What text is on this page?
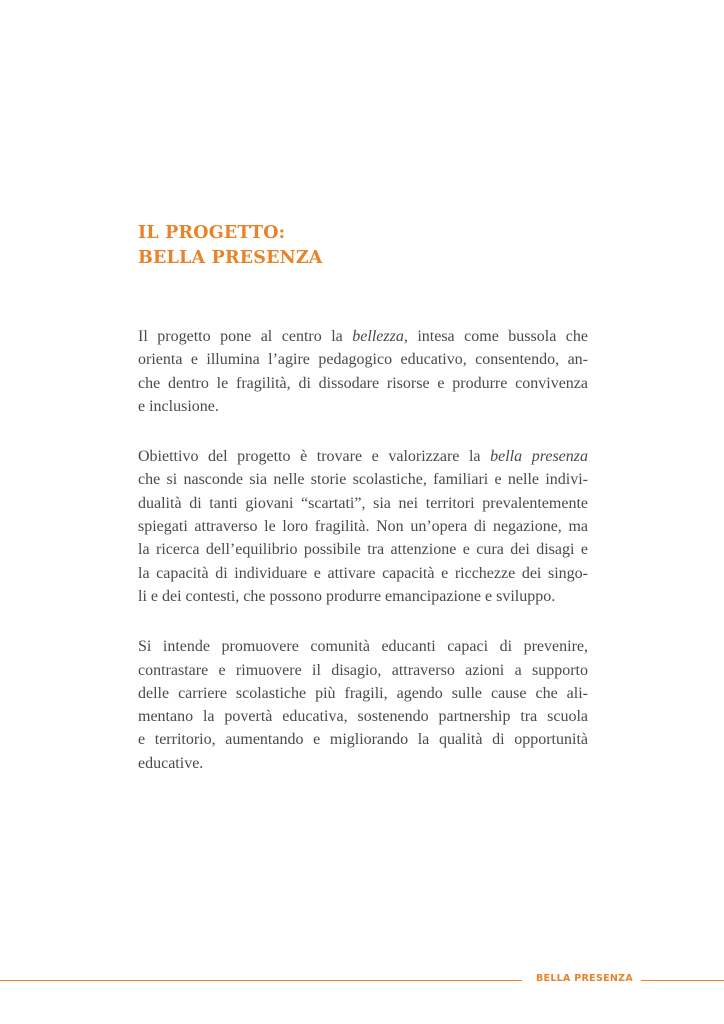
IL PROGETTO:
BELLA PRESENZA

Il progetto pone al centro la bellezza, intesa come bussola che
orienta e illumina l’agire pedagogico educativo, consentendo, an-
che dentro le fragilità, di dissodare risorse e produrre convivenza
e inclusione.

Obiettivo del progetto è trovare e valorizzare la bella presenza
che si nasconde sia nelle storie scolastiche, familiari e nelle indivi-
dualità di tanti giovani “scartati”, sia nei territori prevalentemente
spiegati attraverso le loro fragilità. Non un’opera di negazione, ma
la ricerca dell’equilibrio possibile tra attenzione e cura dei disagi e
la capacità di individuare e attivare capacità e ricchezze dei singo-
li e dei contesti, che possono produrre emancipazione e sviluppo.

Si intende promuovere comunità educanti capaci di prevenire,
contrastare e rimuovere il disagio, attraverso azioni a supporto
delle carriere scolastiche più fragili, agendo sulle cause che ali-
mentano la povertà educativa, sostenendo partnership tra scuola
e territorio, aumentando e migliorando la qualità di opportunità
educative.

BELLA PRESENZA
